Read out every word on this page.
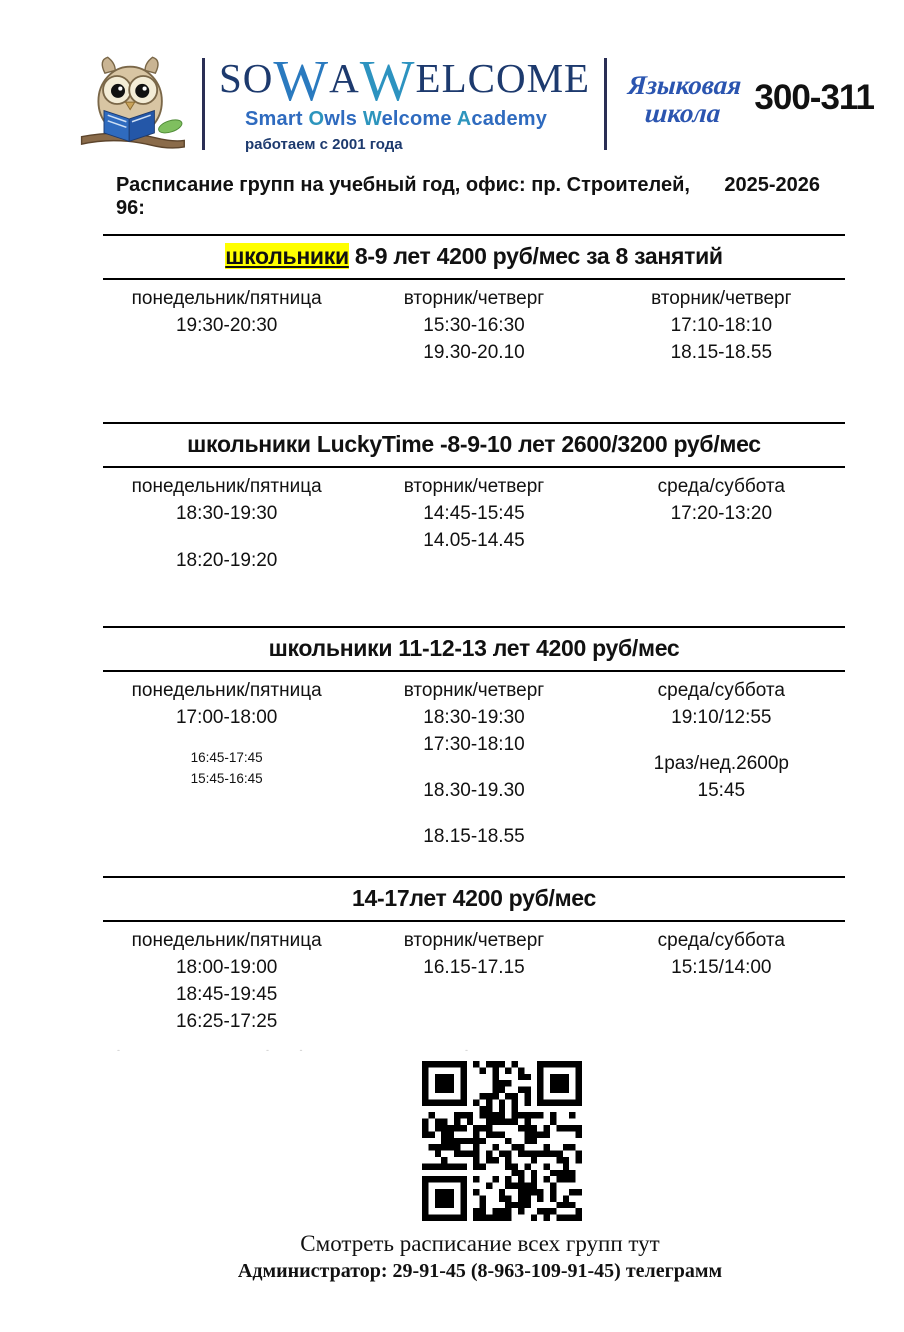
SO W A W ELCOME
Smart Owls Welcome Academy
работаем с 2001 года
Языковая
школа 300-311
Расписание групп на учебный год, офис: пр. Строителей, 96:
2025-2026
школьники 8-9 лет 4200 руб/мес за 8 занятий
понедельник/пятница
19:30-20:30
вторник/четверг
15:30-16:30
19.30-20.10
вторник/четверг
17:10-18:10
18.15-18.55
школьники LuckyTime -8-9-10 лет 2600/3200 руб/мес
понедельник/пятница
18:30-19:30
18:20-19:20
вторник/четверг
14:45-15:45
14.05-14.45
среда/суббота
17:20-13:20
школьники 11-12-13 лет 4200 руб/мес
понедельник/пятница
17:00-18:00
16:45-17:45
15:45-16:45
вторник/четверг
18:30-19:30
17:30-18:10
18.30-19.30
18.15-18.55
среда/суббота
19:10/12:55
1раз/нед.2600р
15:45
14-17лет 4200 руб/мес
понедельник/пятница
18:00-19:00
18:45-19:45
16:25-17:25
вторник/четверг
16.15-17.15
среда/суббота
15:15/14:00
-        - -         -
Смотреть расписание всех групп тут
Администратор: 29-91-45 (8-963-109-91-45) телеграмм
